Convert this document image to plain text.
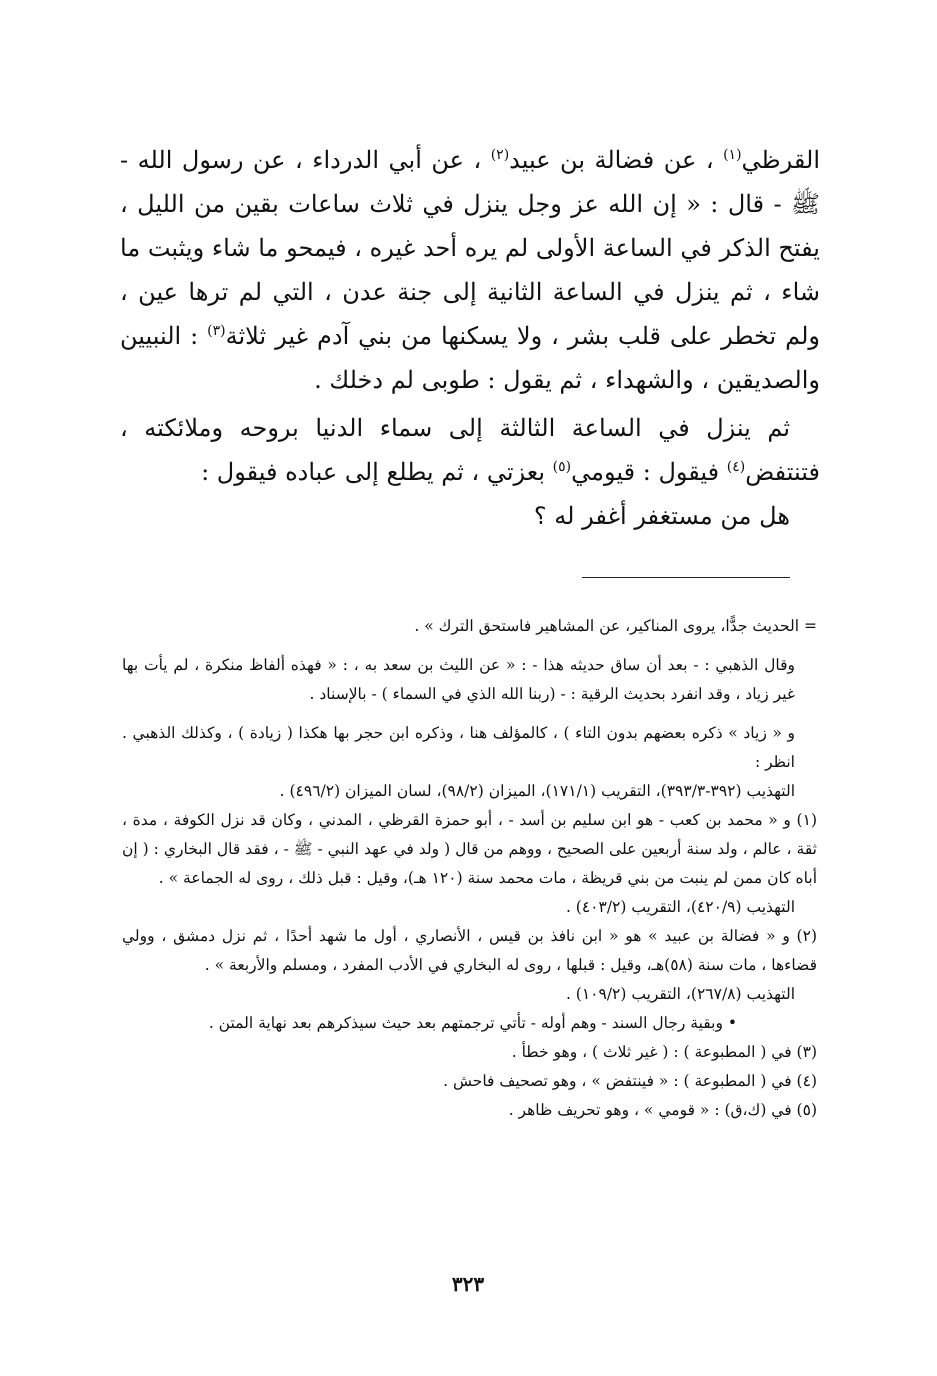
القرظي$^{(١)}$ ، عن فضالة بن عبيد$^{(٢)}$ ، عن أبي الدرداء ، عن رسول الله - ﷺ - قال : « إن الله عز وجل ينزل في ثلاث ساعات بقين من الليل ، يفتح الذكر في الساعة الأولى لم يره أحد غيره ، فيمحو ما شاء ويثبت ما شاء ، ثم ينزل في الساعة الثانية إلى جنة عدن ، التي لم ترها عين ، ولم تخطر على قلب بشر ، ولا يسكنها من بني آدم غير ثلاثة$^{(٣)}$ : النبيين والصديقين ، والشهداء ، ثم يقول : طوبى لم دخلك .

ثم ينزل في الساعة الثالثة إلى سماء الدنيا بروحه وملائكته ، فتنتفض$^{(٤)}$ فيقول : قيومي$^{(٥)}$ بعزتي ، ثم يطلع إلى عباده فيقول :

هل من مستغفر أغفر له ؟

= الحديث جدًّا، يروى المناكير، عن المشاهير فاستحق الترك » .

وقال الذهبي : - بعد أن ساق حديثه هذا - : « عن الليث بن سعد به ، : « فهذه ألفاظ منكرة ، لم يأت بها غير زياد ، وقد انفرد بحديث الرقية : - (ربنا الله الذي في السماء ) - بالإسناد .

و « زياد » ذكره بعضهم بدون التاء ) ، كالمؤلف هنا ، وذكره ابن حجر بها هكذا ( زيادة ) ، وكذلك الذهبي . انظر :

التهذيب (٣٩٢-٣٩٣/٣)، التقريب (١٧١/١)، الميزان (٩٨/٢)، لسان الميزان (٤٩٦/٢) .

(١) و « محمد بن كعب - هو ابن سليم بن أسد - ، أبو حمزة القرظي ، المدني ، وكان قد نزل الكوفة ، مدة ، ثقة ، عالم ، ولد سنة أربعين على الصحيح ، ووهم من قال ( ولد في عهد النبي - ﷺ - ، فقد قال البخاري : ( إن أباه كان ممن لم ينبت من بني قريظة ، مات محمد سنة (١٢٠ هـ)، وقيل : قبل ذلك ، روى له الجماعة » .

التهذيب (٤٢٠/٩)، التقريب (٤٠٣/٢) .

(٢) و « فضالة بن عبيد » هو « ابن نافذ بن قيس ، الأنصاري ، أول ما شهد أحدًا ، ثم نزل دمشق ، وولي قضاءها ، مات سنة (٥٨)هـ، وقيل : قبلها ، روى له البخاري في الأدب المفرد ، ومسلم والأربعة » .

التهذيب (٢٦٧/٨)، التقريب (١٠٩/٢) .

• وبقية رجال السند - وهم أوله - تأتي ترجمتهم بعد حيث سيذكرهم بعد نهاية المتن .

(٣) في ( المطبوعة ) : ( غير ثلاث ) ، وهو خطأ .

(٤) في ( المطبوعة ) : « فينتفض » ، وهو تصحيف فاحش .

(٥) في (ك،ق) : « قومي » ، وهو تحريف ظاهر .

٣٢٣
